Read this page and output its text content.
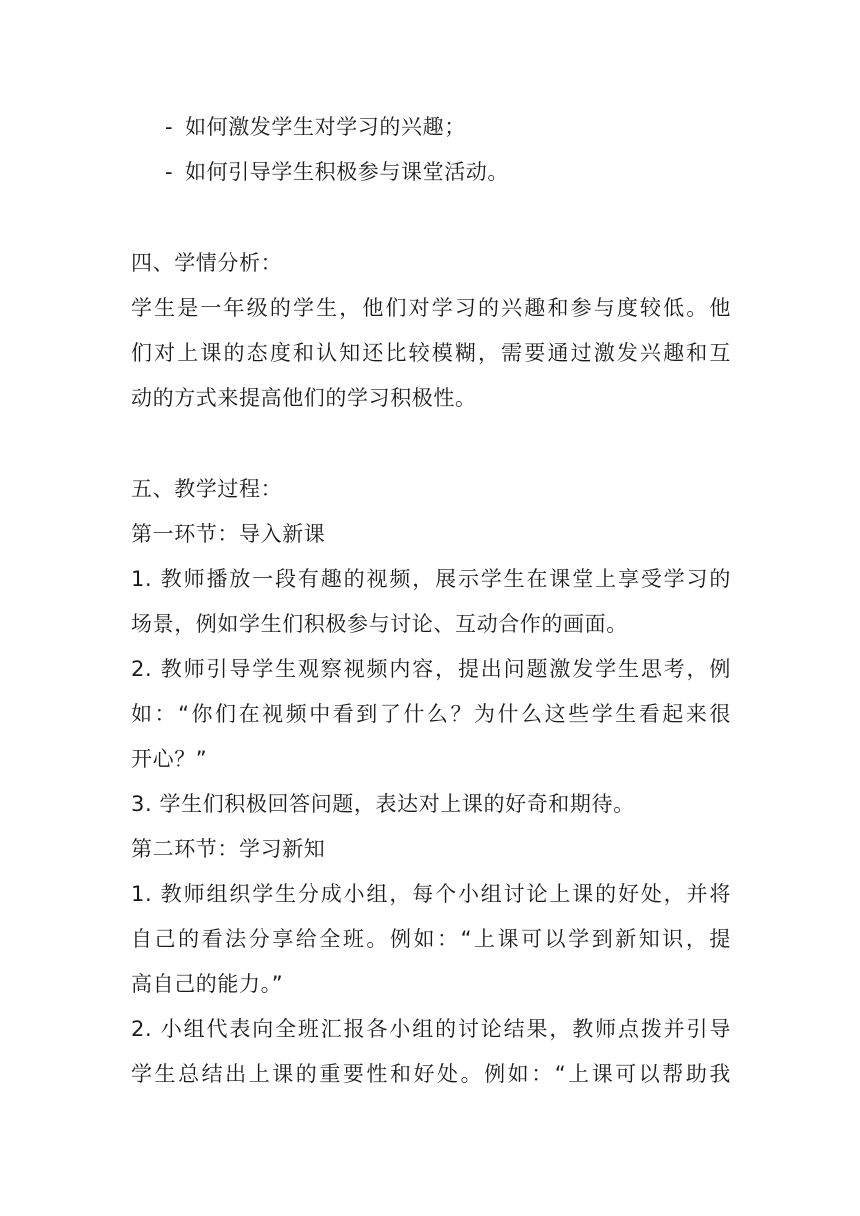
- 如何激发学生对学习的兴趣；
- 如何引导学生积极参与课堂活动。
四、学情分析：
学生是一年级的学生，他们对学习的兴趣和参与度较低。他
们对上课的态度和认知还比较模糊，需要通过激发兴趣和互
动的方式来提高他们的学习积极性。
五、教学过程：
第一环节：导入新课
1. 教师播放一段有趣的视频，展示学生在课堂上享受学习的
场景，例如学生们积极参与讨论、互动合作的画面。
2. 教师引导学生观察视频内容，提出问题激发学生思考，例
如：“你们在视频中看到了什么？为什么这些学生看起来很
开心？”
3. 学生们积极回答问题，表达对上课的好奇和期待。
第二环节：学习新知
1. 教师组织学生分成小组，每个小组讨论上课的好处，并将
自己的看法分享给全班。例如：“上课可以学到新知识，提
高自己的能力。”
2. 小组代表向全班汇报各小组的讨论结果，教师点拨并引导
学生总结出上课的重要性和好处。例如：“上课可以帮助我
